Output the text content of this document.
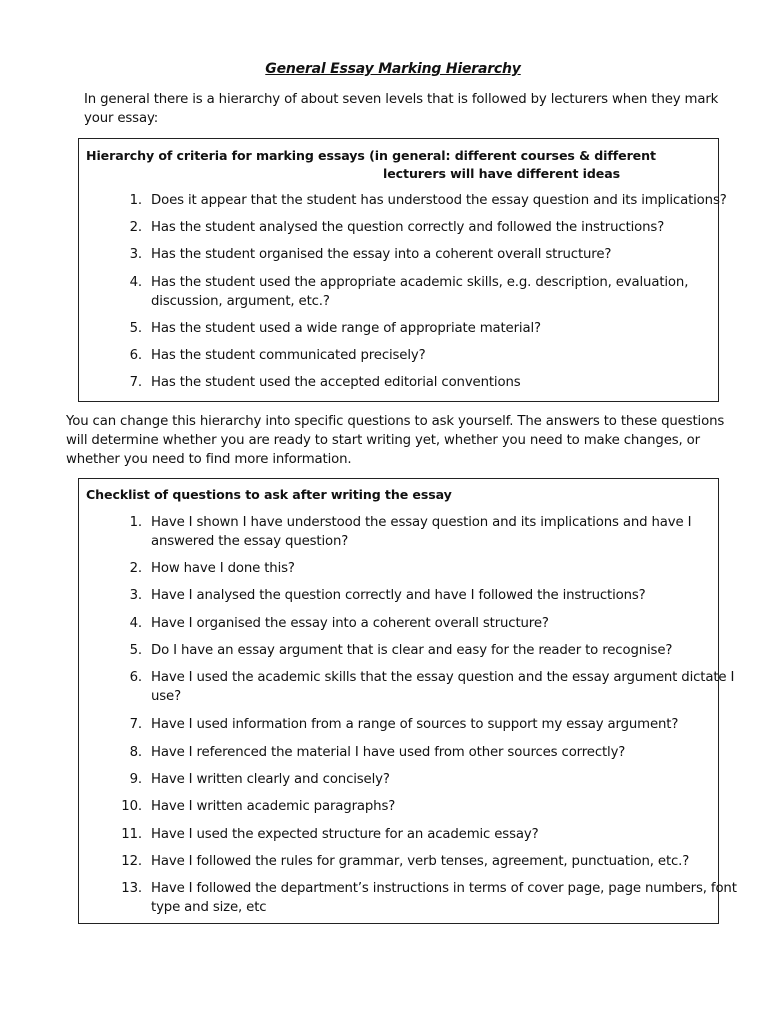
General Essay Marking Hierarchy
In general there is a hierarchy of about seven levels that is followed by lecturers when they mark your essay:
Hierarchy of criteria for marking essays (in general: different courses & different
lecturers will have different ideas
1. Does it appear that the student has understood the essay question and its implications?
2. Has the student analysed the question correctly and followed the instructions?
3. Has the student organised the essay into a coherent overall structure?
4. Has the student used the appropriate academic skills, e.g. description, evaluation, discussion, argument, etc.?
5. Has the student used a wide range of appropriate material?
6. Has the student communicated precisely?
7. Has the student used the accepted editorial conventions
You can change this hierarchy into specific questions to ask yourself. The answers to these questions will determine whether you are ready to start writing yet, whether you need to make changes, or whether you need to find more information.
Checklist of questions to ask after writing the essay
1. Have I shown I have understood the essay question and its implications and have I answered the essay question?
2. How have I done this?
3. Have I analysed the question correctly and have I followed the instructions?
4. Have I organised the essay into a coherent overall structure?
5. Do I have an essay argument that is clear and easy for the reader to recognise?
6. Have I used the academic skills that the essay question and the essay argument dictate I use?
7. Have I used information from a range of sources to support my essay argument?
8. Have I referenced the material I have used from other sources correctly?
9. Have I written clearly and concisely?
10. Have I written academic paragraphs?
11. Have I used the expected structure for an academic essay?
12. Have I followed the rules for grammar, verb tenses, agreement, punctuation, etc.?
13. Have I followed the department’s instructions in terms of cover page, page numbers, font type and size, etc
